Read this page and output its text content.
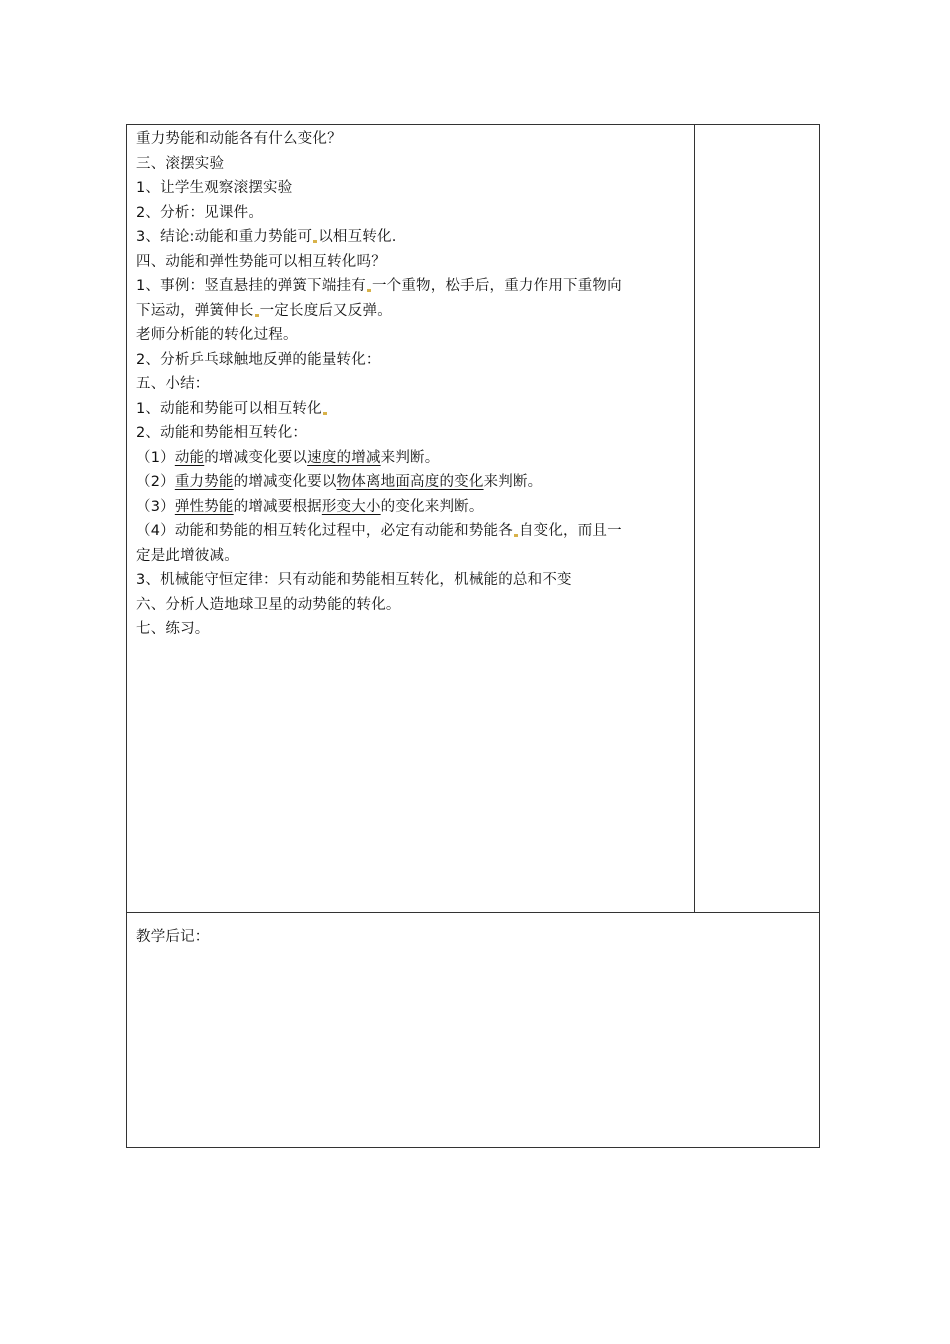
重力势能和动能各有什么变化？
三、滚摆实验
1、让学生观察滚摆实验
2、分析：见课件。
3、结论:动能和重力势能可 以相互转化.
四、动能和弹性势能可以相互转化吗？
1、事例：竖直悬挂的弹簧下端挂有 一个重物，松手后，重力作用下重物向
下运动，弹簧伸长 一定长度后又反弹。
老师分析能的转化过程。
2、分析乒乓球触地反弹的能量转化：
五、小结：
1、动能和势能可以相互转化
2、动能和势能相互转化：
（1）动能的增减变化要以速度的增减来判断。
（2）重力势能的增减变化要以物体离地面高度的变化来判断。
（3）弹性势能的增减要根据形变大小的变化来判断。
（4）动能和势能的相互转化过程中，必定有动能和势能各 自变化，而且一
定是此增彼减。
3、机械能守恒定律：只有动能和势能相互转化，机械能的总和不变
六、分析人造地球卫星的动势能的转化。
七、练习。
教学后记：
